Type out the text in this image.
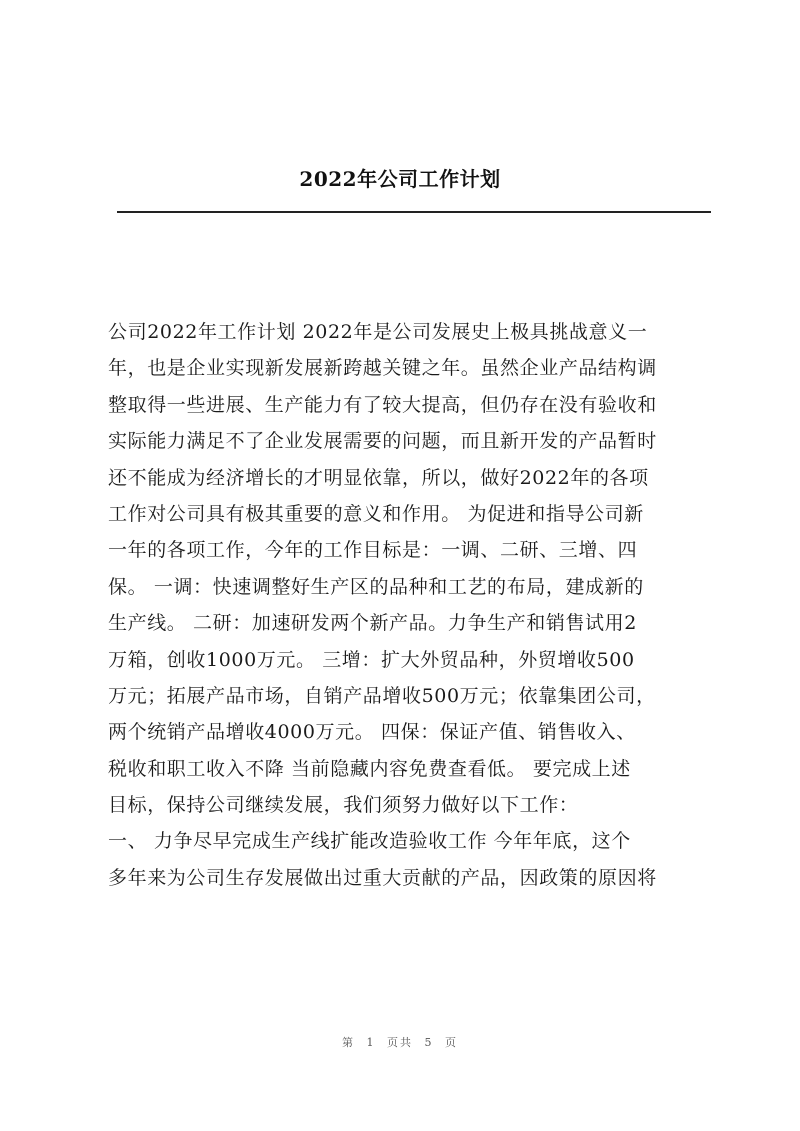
2022年公司工作计划
公司2022年工作计划 2022年是公司发展史上极具挑战意义一
年，也是企业实现新发展新跨越关键之年。虽然企业产品结构调
整取得一些进展、生产能力有了较大提高，但仍存在没有验收和
实际能力满足不了企业发展需要的问题，而且新开发的产品暂时
还不能成为经济增长的才明显依靠，所以，做好2022年的各项
工作对公司具有极其重要的意义和作用。 为促进和指导公司新
一年的各项工作，今年的工作目标是：一调、二研、三增、四
保。 一调：快速调整好生产区的品种和工艺的布局，建成新的
生产线。 二研：加速研发两个新产品。力争生产和销售试用2
万箱，创收1000万元。 三增：扩大外贸品种，外贸增收500
万元；拓展产品市场，自销产品增收500万元；依靠集团公司，
两个统销产品增收4000万元。 四保：保证产值、销售收入、
税收和职工收入不降 当前隐藏内容免费查看低。 要完成上述
目标，保持公司继续发展，我们须努力做好以下工作：
一、 力争尽早完成生产线扩能改造验收工作 今年年底，这个
多年来为公司生存发展做出过重大贡献的产品，因政策的原因将
第 1 页共 5 页
